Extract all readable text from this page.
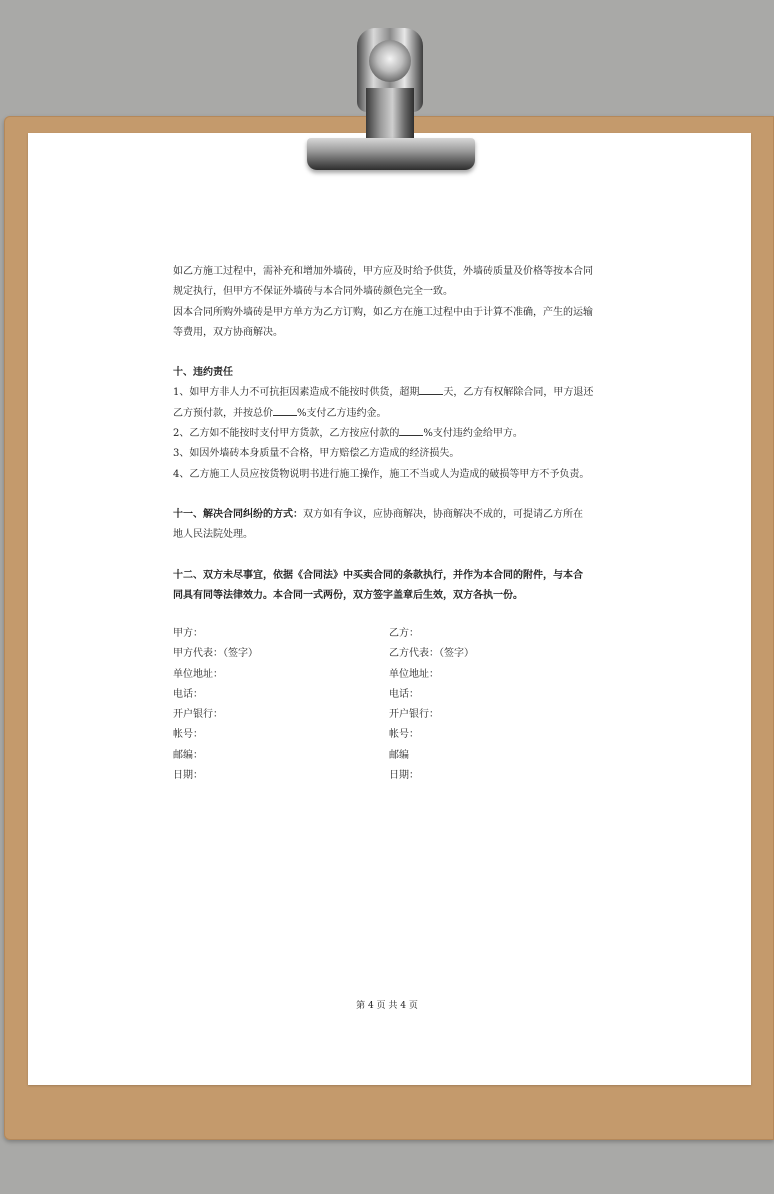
如乙方施工过程中，需补充和增加外墙砖，甲方应及时给予供货，外墙砖质量及价格等按本合同

规定执行，但甲方不保证外墙砖与本合同外墙砖颜色完全一致。

因本合同所购外墙砖是甲方单方为乙方订购，如乙方在施工过程中由于计算不准确，产生的运输

等费用，双方协商解决。

十、违约责任

1、如甲方非人力不可抗拒因素造成不能按时供货，超期 天，乙方有权解除合同，甲方退还

乙方预付款，并按总价 %支付乙方违约金。

2、乙方如不能按时支付甲方货款，乙方按应付款的 %支付违约金给甲方。

3、如因外墙砖本身质量不合格，甲方赔偿乙方造成的经济损失。

4、乙方施工人员应按货物说明书进行施工操作，施工不当或人为造成的破损等甲方不予负责。

十一、解决合同纠纷的方式：双方如有争议，应协商解决，协商解决不成的，可提请乙方所在

地人民法院处理。

十二、双方未尽事宜，依据《合同法》中买卖合同的条款执行，并作为本合同的附件，与本合

同具有同等法律效力。本合同一式两份，双方签字盖章后生效，双方各执一份。

甲方：	乙方：
甲方代表：（签字）	乙方代表：（签字）
单位地址：	单位地址：
电话：	电话：
开户银行：	开户银行：
帐号：	帐号：
邮编：	邮编
日期：	日期：
第 4 页 共 4 页
